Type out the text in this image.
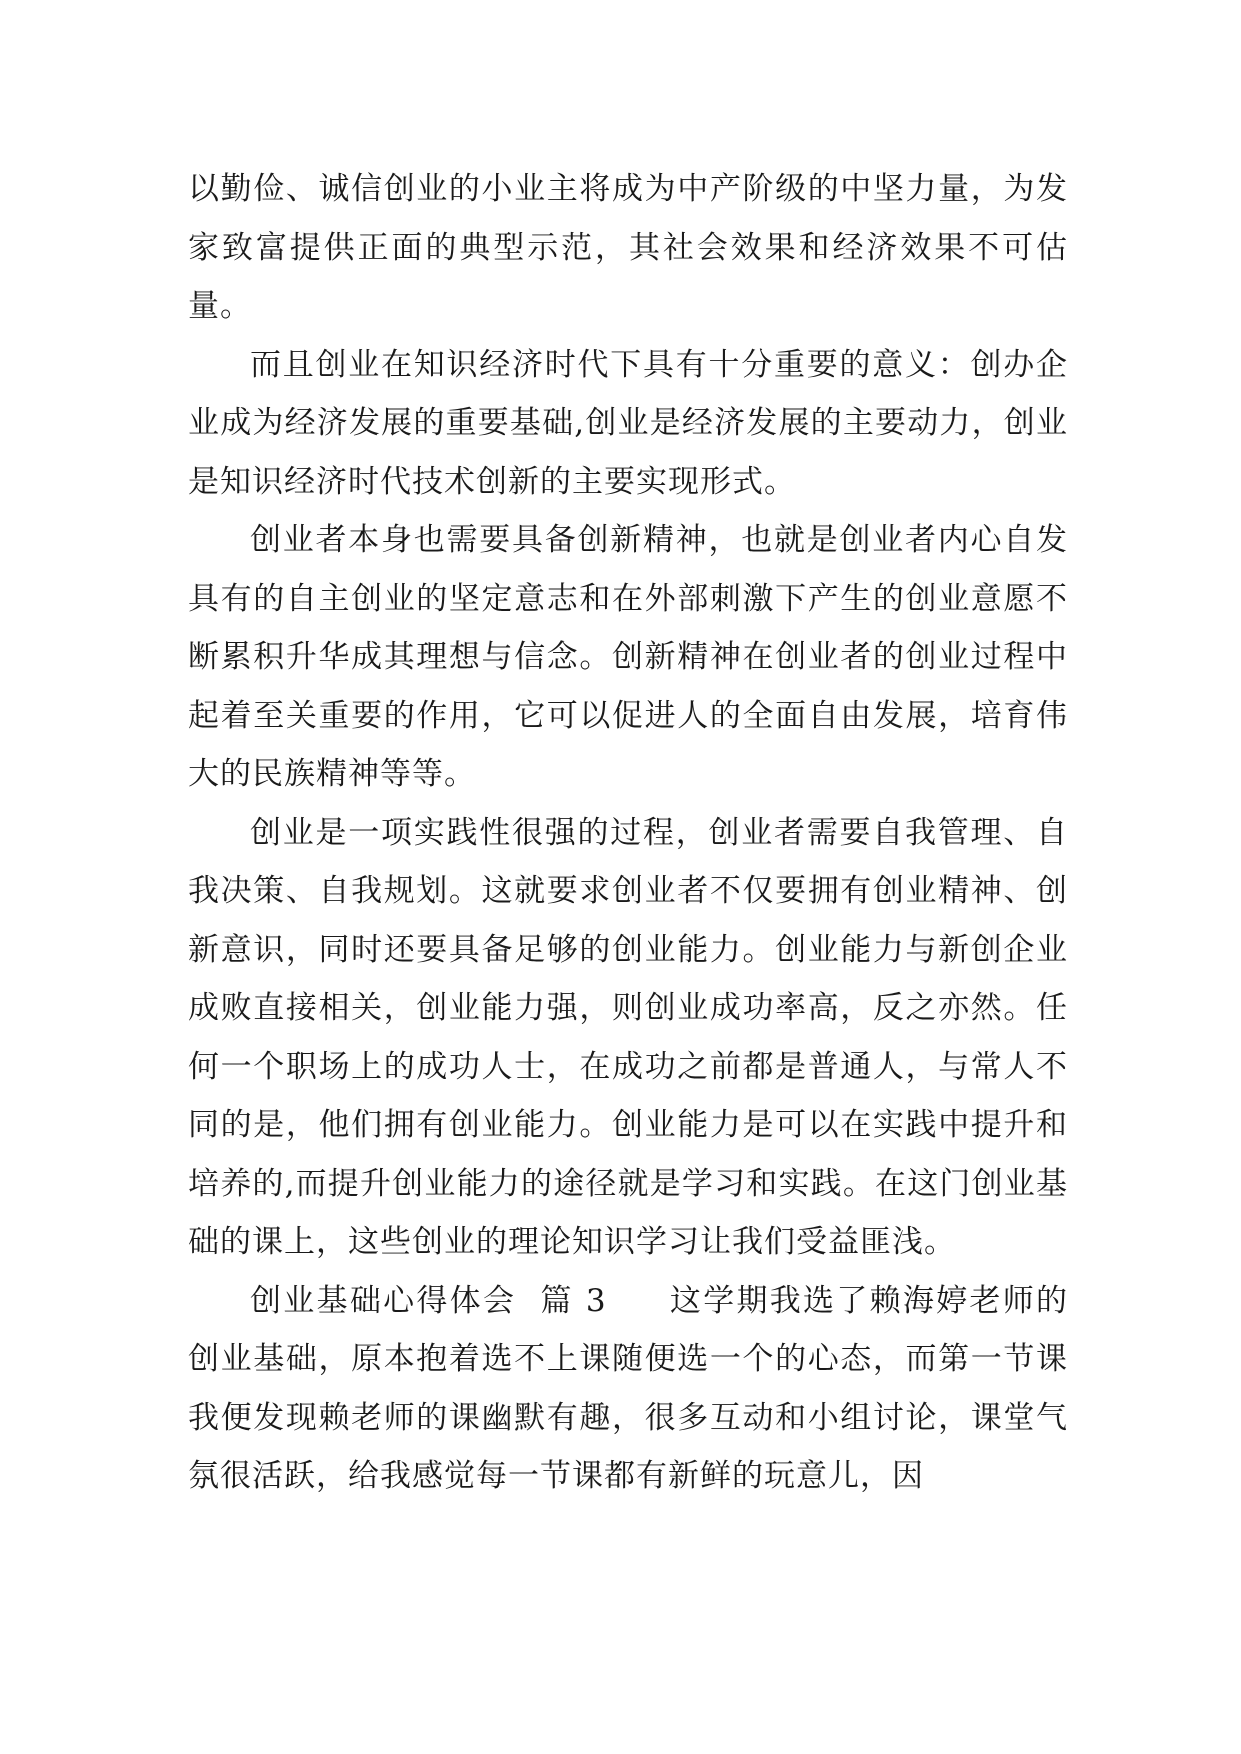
以勤俭、诚信创业的小业主将成为中产阶级的中坚力量，为发家致富提供正面的典型示范，其社会效果和经济效果不可估量。

而且创业在知识经济时代下具有十分重要的意义：创办企业成为经济发展的重要基础,创业是经济发展的主要动力，创业是知识经济时代技术创新的主要实现形式。

创业者本身也需要具备创新精神，也就是创业者内心自发具有的自主创业的坚定意志和在外部刺激下产生的创业意愿不断累积升华成其理想与信念。创新精神在创业者的创业过程中起着至关重要的作用，它可以促进人的全面自由发展，培育伟大的民族精神等等。

创业是一项实践性很强的过程，创业者需要自我管理、自我决策、自我规划。这就要求创业者不仅要拥有创业精神、创新意识，同时还要具备足够的创业能力。创业能力与新创企业成败直接相关，创业能力强，则创业成功率高，反之亦然。任何一个职场上的成功人士，在成功之前都是普通人，与常人不同的是，他们拥有创业能力。创业能力是可以在实践中提升和培养的,而提升创业能力的途径就是学习和实践。在这门创业基础的课上，这些创业的理论知识学习让我们受益匪浅。

创业基础心得体会  篇 3 这学期我选了赖海婷老师的创业基础，原本抱着选不上课随便选一个的心态，而第一节课我便发现赖老师的课幽默有趣，很多互动和小组讨论，课堂气氛很活跃，给我感觉每一节课都有新鲜的玩意儿，因
